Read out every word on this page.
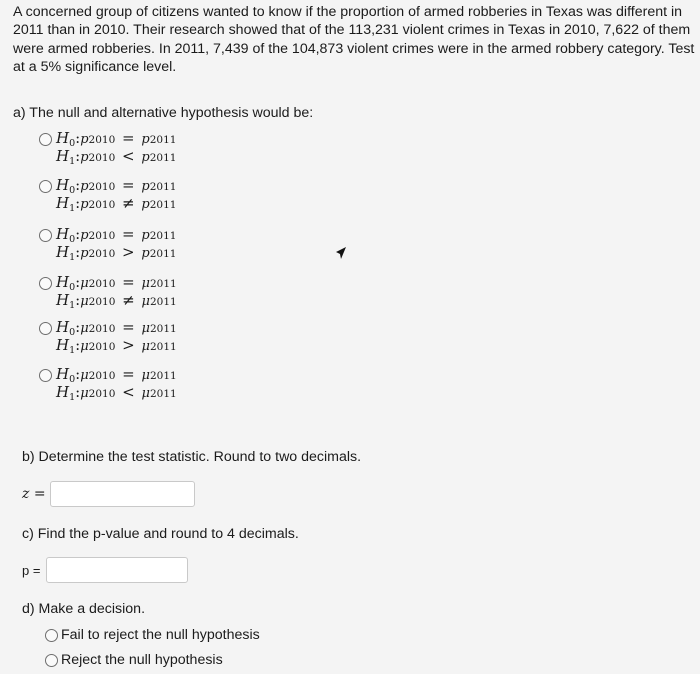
A concerned group of citizens wanted to know if the proportion of armed robberies in Texas was different in 2011 than in 2010. Their research showed that of the 113,231 violent crimes in Texas in 2010, 7,622 of them were armed robberies. In 2011, 7,439 of the 104,873 violent crimes were in the armed robbery category. Test at a 5% significance level.
a) The null and alternative hypothesis would be:
$H_0:p2010 = p2011$
$H_1:p2010 < p2011$
$H_0:p2010 = p2011$
$H_1:p2010 \ne p2011$
$H_0:p2010 = p2011$
$H_1:p2010 > p2011$
$H_0:\mu 2010 = \mu 2011$
$H_1:\mu 2010 \ne \mu 2011$
$H_0:\mu 2010 = \mu 2011$
$H_1:\mu 2010 > \mu 2011$
$H_0:\mu 2010 = \mu 2011$
$H_1:\mu 2010 < \mu 2011$
b) Determine the test statistic. Round to two decimals.
z =
c) Find the p-value and round to 4 decimals.
p =
d) Make a decision.
Fail to reject the null hypothesis
Reject the null hypothesis
